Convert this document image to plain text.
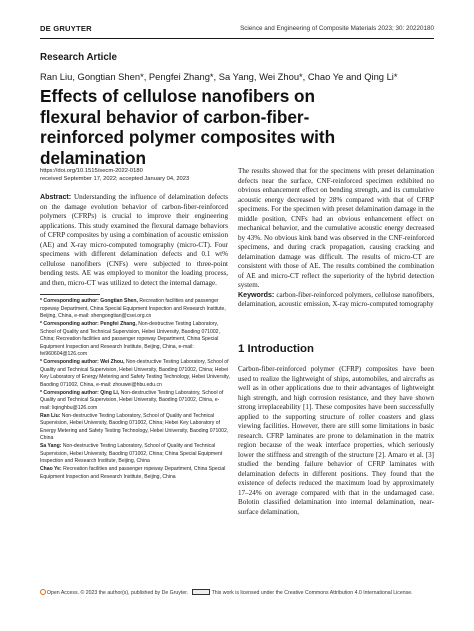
DE GRUYTER	Science and Engineering of Composite Materials 2023; 30: 20220180
Research Article
Ran Liu, Gongtian Shen*, Pengfei Zhang*, Sa Yang, Wei Zhou*, Chao Ye and Qing Li*
Effects of cellulose nanofibers on flexural behavior of carbon-fiber-reinforced polymer composites with delamination
https://doi.org/10.1515/secm-2022-0180
received September 17, 2022; accepted January 04, 2023

Abstract: Understanding the influence of delamination defects on the damage evolution behavior of carbon-fiber-reinforced polymers (CFRPs) is crucial to improve their engineering applications. This study examined the flexural damage behaviors of CFRP composites by using a combination of acoustic emission (AE) and X-ray micro-computed tomography (micro-CT). Four specimens with different delamination defects and 0.1 wt% cellulose nanofibers (CNFs) were subjected to three-point bending tests. AE was employed to monitor the loading process, and then, micro-CT was utilized to detect the internal damage.

* Corresponding author: Gongtian Shen, Recreation facilities and passenger ropeway Department, China Special Equipment Inspection and Research Institute, Beijing, China, e-mail: shengongtian@csei.org.cn

* Corresponding author: Pengfei Zhang, Non-destructive Testing Laboratory, School of Quality and Technical Supervision, Hebei University, Baoding 071002, China; Recreation facilities and passenger ropeway Department, China Special Equipment Inspection and Research Institute, Beijing, China, e-mail: fei960604@126.com

* Corresponding author: Wei Zhou, Non-destructive Testing Laboratory, School of Quality and Technical Supervision, Hebei University, Baoding 071002, China; Hebei Key Laboratory of Energy Metering and Safety Testing Technology, Hebei University, Baoding 071002, China, e-mail: zhouwei@hbu.edu.cn

* Corresponding author: Qing Li, Non-destructive Testing Laboratory, School of Quality and Technical Supervision, Hebei University, Baoding 071002, China, e-mail: liqinghbu@126.com

Ran Liu: Non-destructive Testing Laboratory, School of Quality and Technical Supervision, Hebei University, Baoding 071002, China; Hebei Key Laboratory of Energy Metering and Safety Testing Technology, Hebei University, Baoding 071002, China

Sa Yang: Non-destructive Testing Laboratory, School of Quality and Technical Supervision, Hebei University, Baoding 071002, China; China Special Equipment Inspection and Research Institute, Beijing, China

Chao Ye: Recreation facilities and passenger ropeway Department, China Special Equipment Inspection and Research Institute, Beijing, China

The results showed that for the specimens with preset delamination defects near the surface, CNF-reinforced specimen exhibited no obvious enhancement effect on bending strength, and its cumulative acoustic energy decreased by 28% compared with that of CFRP specimens. For the specimen with preset delamination damage in the middle position, CNFs had an obvious enhancement effect on mechanical behavior, and the cumulative acoustic energy decreased by 43%. No obvious kink band was observed in the CNF-reinforced specimens, and during crack propagation, causing cracking and delamination damage was difficult. The results of micro-CT are consistent with those of AE. The results combined the combination of AE and micro-CT reflect the superiority of the hybrid detection system.

Keywords: carbon-fiber-reinforced polymers, cellulose nanofibers, delamination, acoustic emission, X-ray micro-computed tomography

1 Introduction

Carbon-fiber-reinforced polymer (CFRP) composites have been used to realize the lightweight of ships, automobiles, and aircrafts as well as in other applications due to their advantages of lightweight high strength, and high corrosion resistance, and they have shown strong irreplaceability [1]. These composites have been successfully applied to the supporting structure of roller coasters and glass viewing facilities. However, there are still some limitations in basic research. CFRP laminates are prone to delamination in the matrix region because of the weak interface properties, which seriously lower the stiffness and strength of the structure [2]. Amaro et al. [3] studied the bending failure behavior of CFRP laminates with delamination defects in different positions. They found that the existence of defects reduced the maximum load by approximately 17–24% on average compared with that in the undamaged case. Bolotin classified delamination into internal delamination, near-surface delamination,

Open Access. © 2023 the author(s), published by De Gruyter.	This work is licensed under the Creative Commons Attribution 4.0 International License.
